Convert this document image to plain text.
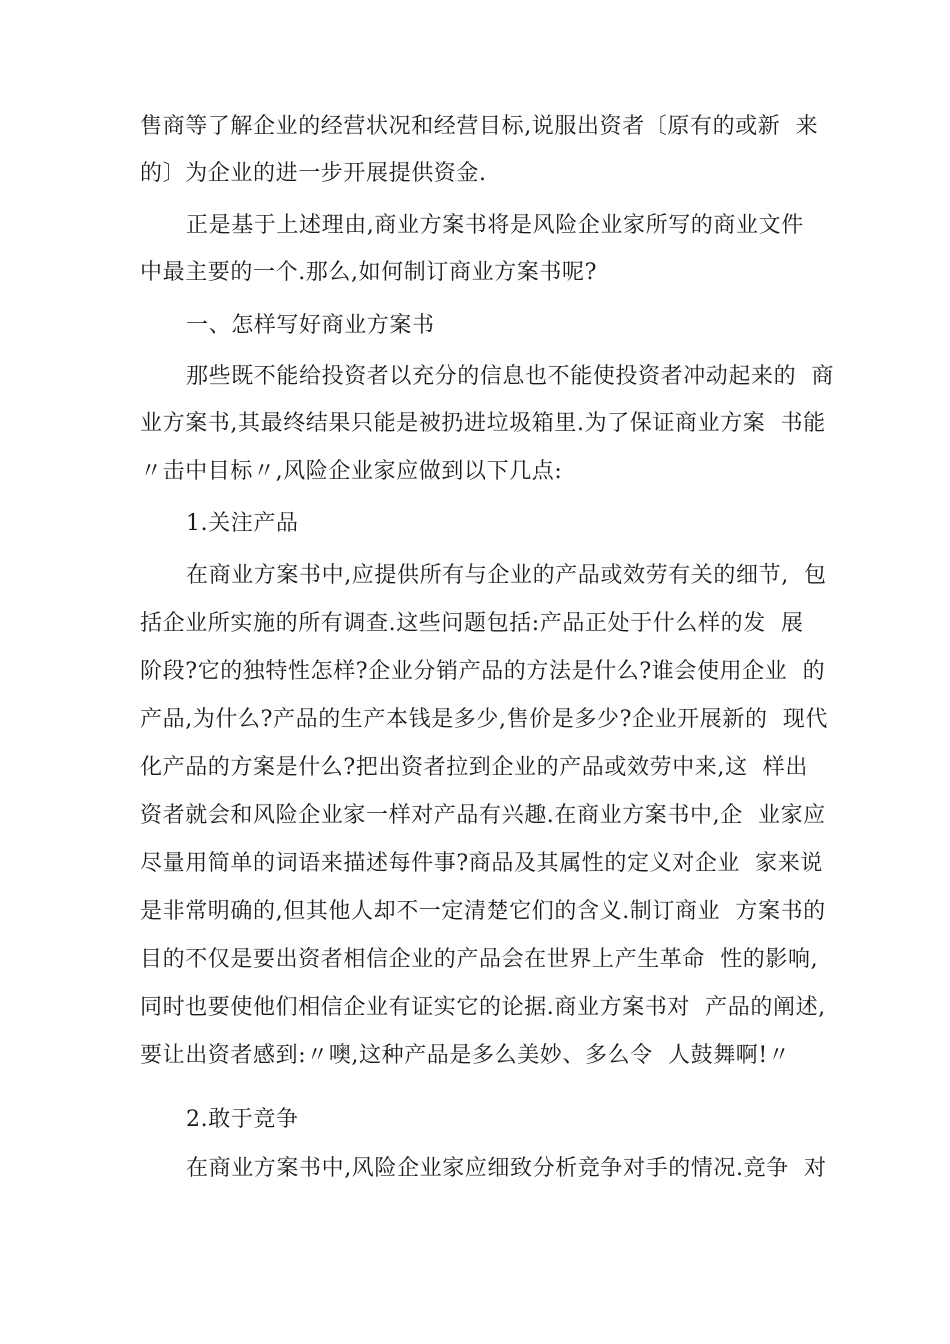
售商等了解企业的经营状况和经营目标,说服出资者〔原有的或新  来
的〕为企业的进一步开展提供资金.
正是基于上述理由,商业方案书将是风险企业家所写的商业文件
中最主要的一个.那么,如何制订商业方案书呢?
一、怎样写好商业方案书
那些既不能给投资者以充分的信息也不能使投资者冲动起来的  商
业方案书,其最终结果只能是被扔进垃圾箱里.为了保证商业方案  书能
〃击中目标〃,风险企业家应做到以下几点:
1.关注产品
在商业方案书中,应提供所有与企业的产品或效劳有关的细节,  包
括企业所实施的所有调查.这些问题包括:产品正处于什么样的发  展
阶段?它的独特性怎样?企业分销产品的方法是什么?谁会使用企业  的
产品,为什么?产品的生产本钱是多少,售价是多少?企业开展新的  现代
化产品的方案是什么?把出资者拉到企业的产品或效劳中来,这  样出
资者就会和风险企业家一样对产品有兴趣.在商业方案书中,企  业家应
尽量用简单的词语来描述每件事?商品及其属性的定义对企业  家来说
是非常明确的,但其他人却不一定清楚它们的含义.制订商业  方案书的
目的不仅是要出资者相信企业的产品会在世界上产生革命  性的影响,
同时也要使他们相信企业有证实它的论据.商业方案书对  产品的阐述,
要让出资者感到:〃噢,这种产品是多么美妙、多么令  人鼓舞啊!〃
2.敢于竞争
在商业方案书中,风险企业家应细致分析竞争对手的情况.竞争  对
